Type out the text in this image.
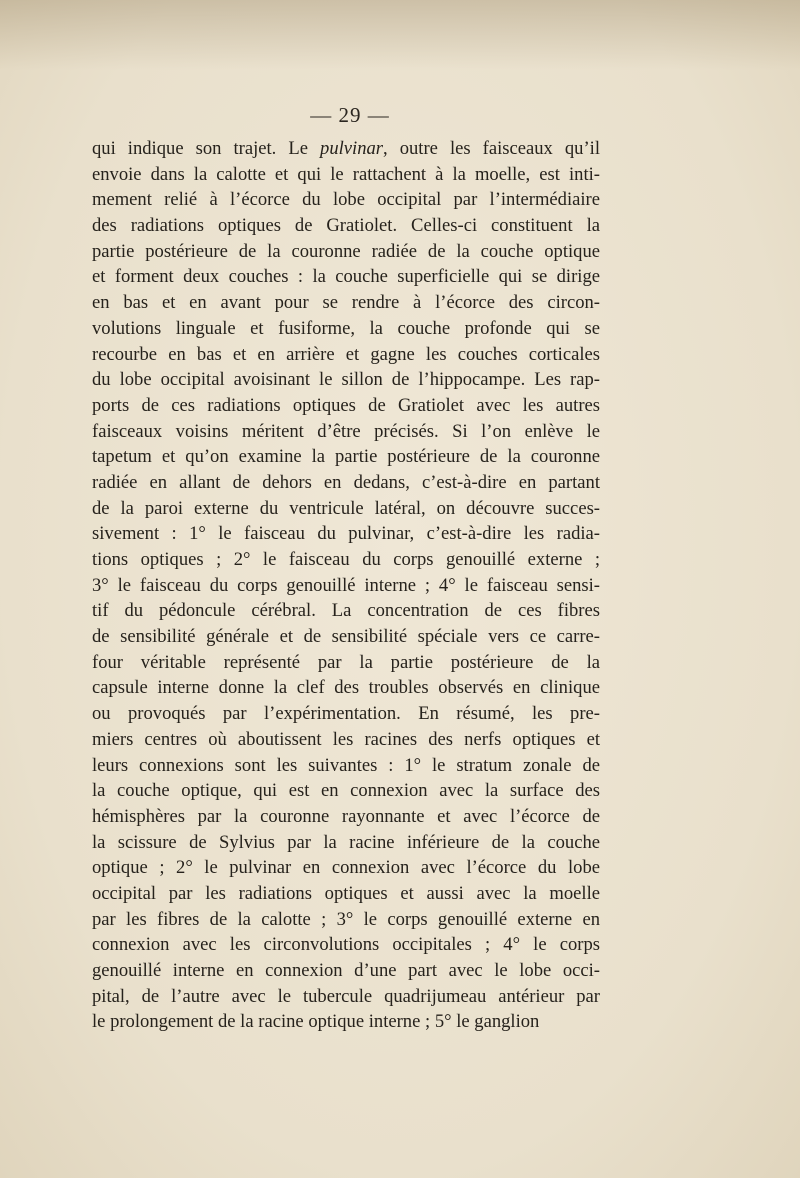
— 29 —
qui indique son trajet. Le pulvinar, outre les faisceaux qu’il
envoie dans la calotte et qui le rattachent à la moelle, est inti-
mement relié à l’écorce du lobe occipital par l’intermédiaire
des radiations optiques de Gratiolet. Celles-ci constituent la
partie postérieure de la couronne radiée de la couche optique
et forment deux couches : la couche superficielle qui se dirige
en bas et en avant pour se rendre à l’écorce des circon-
volutions linguale et fusiforme, la couche profonde qui se
recourbe en bas et en arrière et gagne les couches corticales
du lobe occipital avoisinant le sillon de l’hippocampe. Les rap-
ports de ces radiations optiques de Gratiolet avec les autres
faisceaux voisins méritent d’être précisés. Si l’on enlève le
tapetum et qu’on examine la partie postérieure de la couronne
radiée en allant de dehors en dedans, c’est-à-dire en partant
de la paroi externe du ventricule latéral, on découvre succes-
sivement : 1° le faisceau du pulvinar, c’est-à-dire les radia-
tions optiques ; 2° le faisceau du corps genouillé externe ;
3° le faisceau du corps genouillé interne ; 4° le faisceau sensi-
tif du pédoncule cérébral. La concentration de ces fibres
de sensibilité générale et de sensibilité spéciale vers ce carre-
four véritable représenté par la partie postérieure de la
capsule interne donne la clef des troubles observés en clinique
ou provoqués par l’expérimentation. En résumé, les pre-
miers centres où aboutissent les racines des nerfs optiques et
leurs connexions sont les suivantes : 1° le stratum zonale de
la couche optique, qui est en connexion avec la surface des
hémisphères par la couronne rayonnante et avec l’écorce de
la scissure de Sylvius par la racine inférieure de la couche
optique ; 2° le pulvinar en connexion avec l’écorce du lobe
occipital par les radiations optiques et aussi avec la moelle
par les fibres de la calotte ; 3° le corps genouillé externe en
connexion avec les circonvolutions occipitales ; 4° le corps
genouillé interne en connexion d’une part avec le lobe occi-
pital, de l’autre avec le tubercule quadrijumeau antérieur par
le prolongement de la racine optique interne ; 5° le ganglion
